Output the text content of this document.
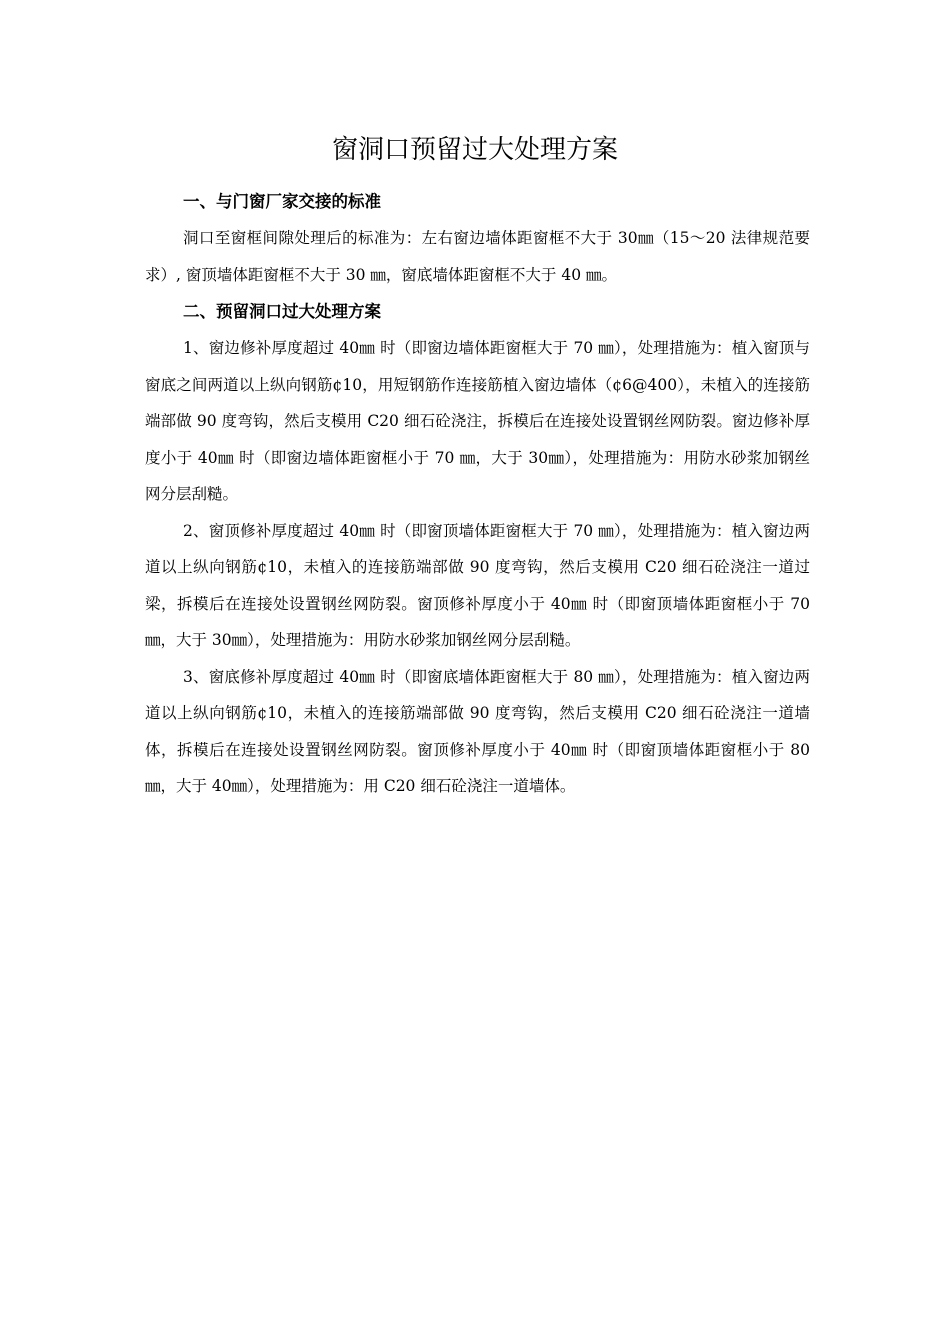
窗洞口预留过大处理方案
一、与门窗厂家交接的标准

洞口至窗框间隙处理后的标准为：左右窗边墙体距窗框不大于 30㎜（15～20 法律规范要求）, 窗顶墙体距窗框不大于 30 ㎜，窗底墙体距窗框不大于 40 ㎜。

二、预留洞口过大处理方案

1、窗边修补厚度超过 40㎜ 时（即窗边墙体距窗框大于 70 ㎜），处理措施为：植入窗顶与窗底之间两道以上纵向钢筋¢10，用短钢筋作连接筋植入窗边墙体（¢6@400），未植入的连接筋端部做 90 度弯钩，然后支模用 C20 细石砼浇注，拆模后在连接处设置钢丝网防裂。窗边修补厚度小于 40㎜ 时（即窗边墙体距窗框小于 70 ㎜，大于 30㎜），处理措施为：用防水砂浆加钢丝网分层刮糙。

2、窗顶修补厚度超过 40㎜ 时（即窗顶墙体距窗框大于 70 ㎜），处理措施为：植入窗边两道以上纵向钢筋¢10，未植入的连接筋端部做 90 度弯钩，然后支模用 C20 细石砼浇注一道过梁，拆模后在连接处设置钢丝网防裂。窗顶修补厚度小于 40㎜ 时（即窗顶墙体距窗框小于 70 ㎜，大于 30㎜），处理措施为：用防水砂浆加钢丝网分层刮糙。

3、窗底修补厚度超过 40㎜ 时（即窗底墙体距窗框大于 80 ㎜），处理措施为：植入窗边两道以上纵向钢筋¢10，未植入的连接筋端部做 90 度弯钩，然后支模用 C20 细石砼浇注一道墙体，拆模后在连接处设置钢丝网防裂。窗顶修补厚度小于 40㎜ 时（即窗顶墙体距窗框小于 80 ㎜，大于 40㎜），处理措施为：用 C20 细石砼浇注一道墙体。
